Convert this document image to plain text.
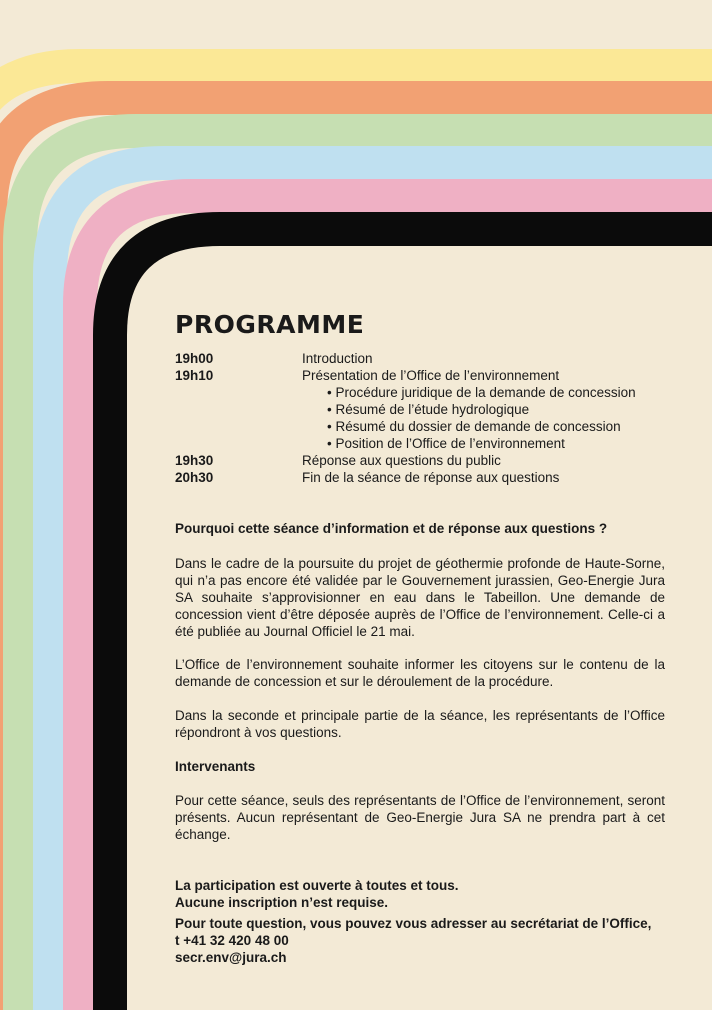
PROGRAMME
19h00	Introduction
19h10	Présentation de l’Office de l’environnement
• Procédure juridique de la demande de concession
• Résumé de l’étude hydrologique
• Résumé du dossier de demande de concession
• Position de l’Office de l’environnement
19h30	Réponse aux questions du public
20h30	Fin de la séance de réponse aux questions

Pourquoi cette séance d’information et de réponse aux questions ?

Dans le cadre de la poursuite du projet de géothermie profonde de Haute-Sorne, qui n’a pas encore été validée par le Gouvernement jurassien, Geo-Energie Jura SA souhaite s’approvisionner en eau dans le Tabeillon. Une demande de concession vient d’être déposée auprès de l’Office de l’environnement. Celle-ci a été publiée au Journal Officiel le 21 mai.

L’Office de l’environnement souhaite informer les citoyens sur le contenu de la demande de concession et sur le déroulement de la procédure.

Dans la seconde et principale partie de la séance, les représentants de l’Office répondront à vos questions.

Intervenants

Pour cette séance, seuls des représentants de l’Office de l’environnement, seront présents. Aucun représentant de Geo-Energie Jura SA ne prendra part à cet échange.

La participation est ouverte à toutes et tous.

Aucune inscription n’est requise.

Pour toute question, vous pouvez vous adresser au secrétariat de l’Office,

t +41 32 420 48 00

secr.env@jura.ch
